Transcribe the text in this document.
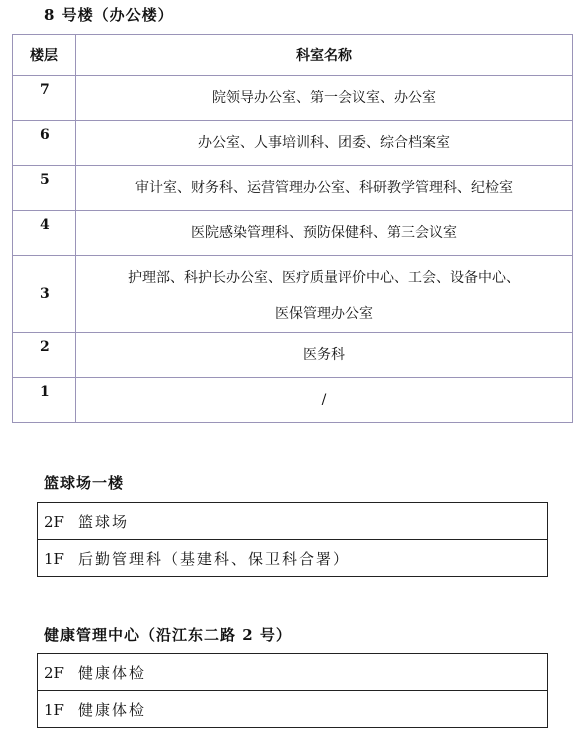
8 号楼（办公楼）
楼层	科室名称
7	院领导办公室、第一会议室、办公室
6	办公室、人事培训科、团委、综合档案室
5	审计室、财务科、运营管理办公室、科研教学管理科、纪检室
4	医院感染管理科、预防保健科、第三会议室
3	护理部、科护长办公室、医疗质量评价中心、工会、设备中心、
医保管理办公室

2	医务科
1	/
篮球场一楼
2F 篮球场
1F 后勤管理科（基建科、保卫科合署）
健康管理中心（沿江东二路 2 号）
2F 健康体检
1F 健康体检
